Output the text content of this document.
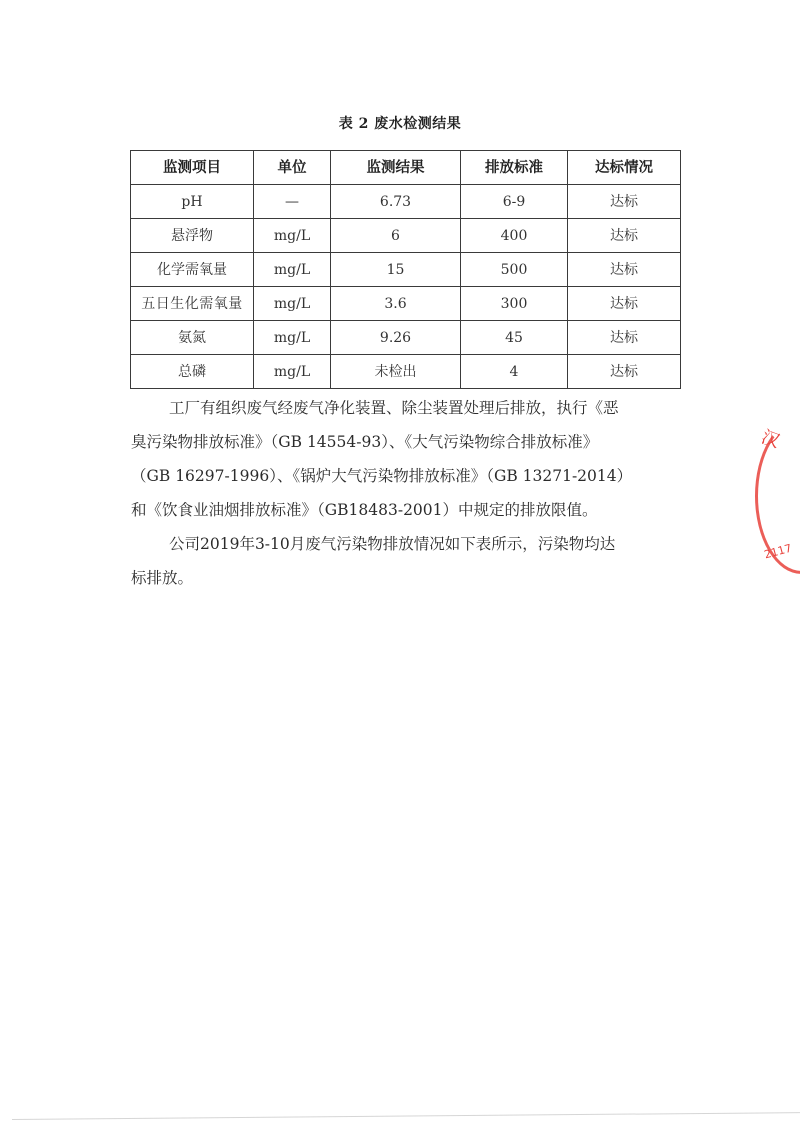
表 2 废水检测结果
监测项目	单位	监测结果	排放标准	达标情况
pH	—	6.73	6-9	达标
悬浮物	mg/L	6	400	达标
化学需氧量	mg/L	15	500	达标
五日生化需氧量	mg/L	3.6	300	达标
氨氮	mg/L	9.26	45	达标
总磷	mg/L	未检出	4	达标
工厂有组织废气经废气净化装置、除尘装置处理后排放，执行《恶
臭污染物排放标准》（GB 14554-93）、《大气污染物综合排放标准》
（GB 16297-1996）、《锅炉大气污染物排放标准》（GB 13271-2014）
和《饮食业油烟排放标准》（GB18483-2001）中规定的排放限值。
公司2019年3-10月废气污染物排放情况如下表所示，污染物均达
标排放。
汉
2117
